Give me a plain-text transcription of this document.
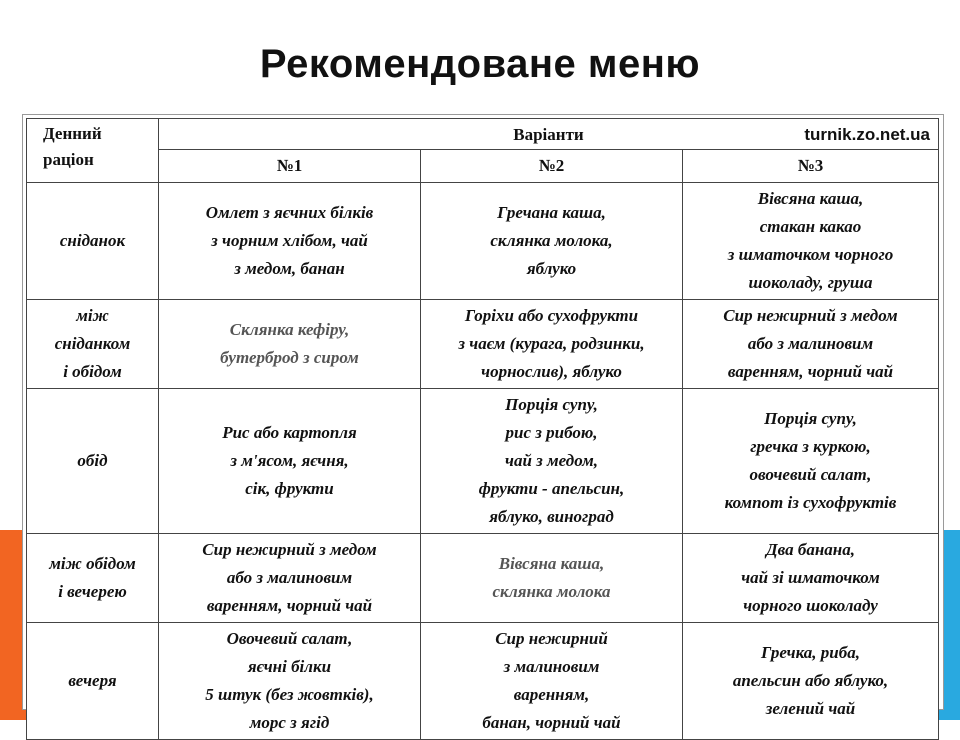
Рекомендоване меню
Денний
раціон	Варіанти turnik.zo.net.ua		

	№1	№2	№3

сніданок	Омлет з яєчних білків
з чорним хлібом, чай
з медом, банан	Гречана каша,
склянка молока,
яблуко	Вівсяна каша,
стакан какао
з шматочком чорного
шоколаду, груша

між
сніданком
і обідом	Склянка кефіру,
бутерброд з сиром	Горіхи або сухофрукти
з чаєм (курага, родзинки,
чорнослив), яблуко	Сир нежирний з медом
або з малиновим
варенням, чорний чай

обід	Рис або картопля
з м'ясом, яєчня,
сік, фрукти	Порція супу,
рис з рибою,
чай з медом,
фрукти - апельсин,
яблуко, виноград	Порція супу,
гречка з куркою,
овочевий салат,
компот із сухофруктів

між обідом
і вечерею	Сир нежирний з медом
або з малиновим
варенням, чорний чай	Вівсяна каша,
склянка молока	Два банана,
чай зі шматочком
чорного шоколаду

вечеря	Овочевий салат,
яєчні білки
5 штук (без жовтків),
морс з ягід	Сир нежирний
з малиновим
варенням,
банан, чорний чай	Гречка, риба,
апельсин або яблуко,
зелений чай
